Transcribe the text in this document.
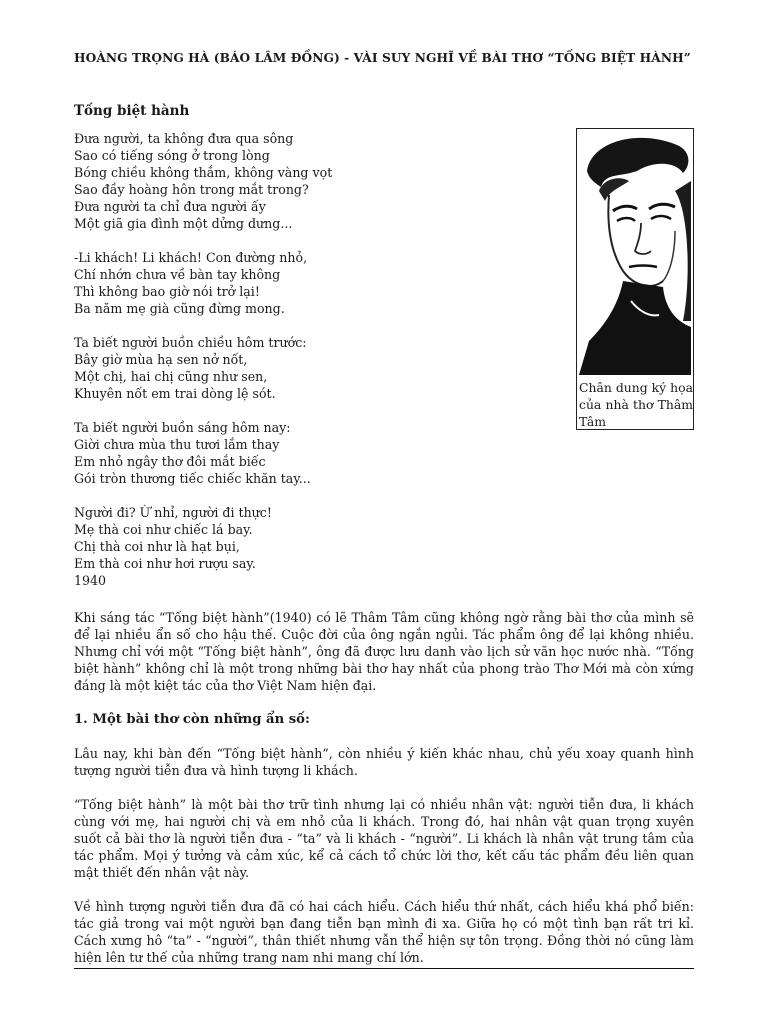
HOÀNG TRỌNG HÀ (BÁO LÂM ĐỒNG) - VÀI SUY NGHĨ VỀ BÀI THƠ “TỐNG BIỆT HÀNH”
Tống biệt hành
Đưa người, ta không đưa qua sông
Sao có tiếng sóng ở trong lòng
Bóng chiều không thắm, không vàng vọt
Sao đầy hoàng hôn trong mắt trong?
Đưa người ta chỉ đưa người ấy
Một giã gia đình một dửng dưng...
-Li khách! Li khách! Con đường nhỏ,
Chí nhớn chưa về bàn tay không
Thì không bao giờ nói trở lại!
Ba năm mẹ già cũng đừng mong.
Ta biết người buồn chiều hôm trước:
Bây giờ mùa hạ sen nở nốt,
Một chị, hai chị cũng như sen,
Khuyên nốt em trai dòng lệ sót.
Ta biết người buồn sáng hôm nay:
Giời chưa mùa thu tươi lắm thay
Em nhỏ ngây thơ đôi mắt biếc
Gói tròn thương tiếc chiếc khăn tay...
Người đi? Ừ nhỉ, người đi thực!
Mẹ thà coi như chiếc lá bay.
Chị thà coi như là hạt bụi,
Em thà coi như hơi rượu say.
1940
Chân dung ký họa của nhà thơ Thâm Tâm

Khi sáng tác “Tống biệt hành”(1940) có lẽ Thâm Tâm cũng không ngờ rằng bài thơ của mình sẽ để lại nhiều ẩn số cho hậu thế. Cuộc đời của ông ngắn ngủi. Tác phẩm ông để lại không nhiều. Nhưng chỉ với một “Tống biệt hành”, ông đã được lưu danh vào lịch sử văn học nước nhà. “Tống biệt hành” không chỉ là một trong những bài thơ hay nhất của phong trào Thơ Mới mà còn xứng đáng là một kiệt tác của thơ Việt Nam hiện đại.

1. Một bài thơ còn những ẩn số:

Lâu nay, khi bàn đến “Tống biệt hành”, còn nhiều ý kiến khác nhau, chủ yếu xoay quanh hình tượng người tiễn đưa và hình tượng li khách.

“Tống biệt hành” là một bài thơ trữ tình nhưng lại có nhiều nhân vật: người tiễn đưa, li khách cùng với mẹ, hai người chị và em nhỏ của li khách. Trong đó, hai nhân vật quan trọng xuyên suốt cả bài thơ là người tiễn đưa - “ta” và li khách - “người”. Li khách là nhân vật trung tâm của tác phẩm. Mọi ý tưởng và cảm xúc, kể cả cách tổ chức lời thơ, kết cấu tác phẩm đều liên quan mật thiết đến nhân vật này.

Về hình tượng người tiễn đưa đã có hai cách hiểu. Cách hiểu thứ nhất, cách hiểu khá phổ biến: tác giả trong vai một người bạn đang tiễn bạn mình đi xa. Giữa họ có một tình bạn rất tri kỉ. Cách xưng hô “ta” - “người”, thân thiết nhưng vẫn thể hiện sự tôn trọng. Đồng thời nó cũng làm hiện lên tư thế của những trang nam nhi mang chí lớn.
